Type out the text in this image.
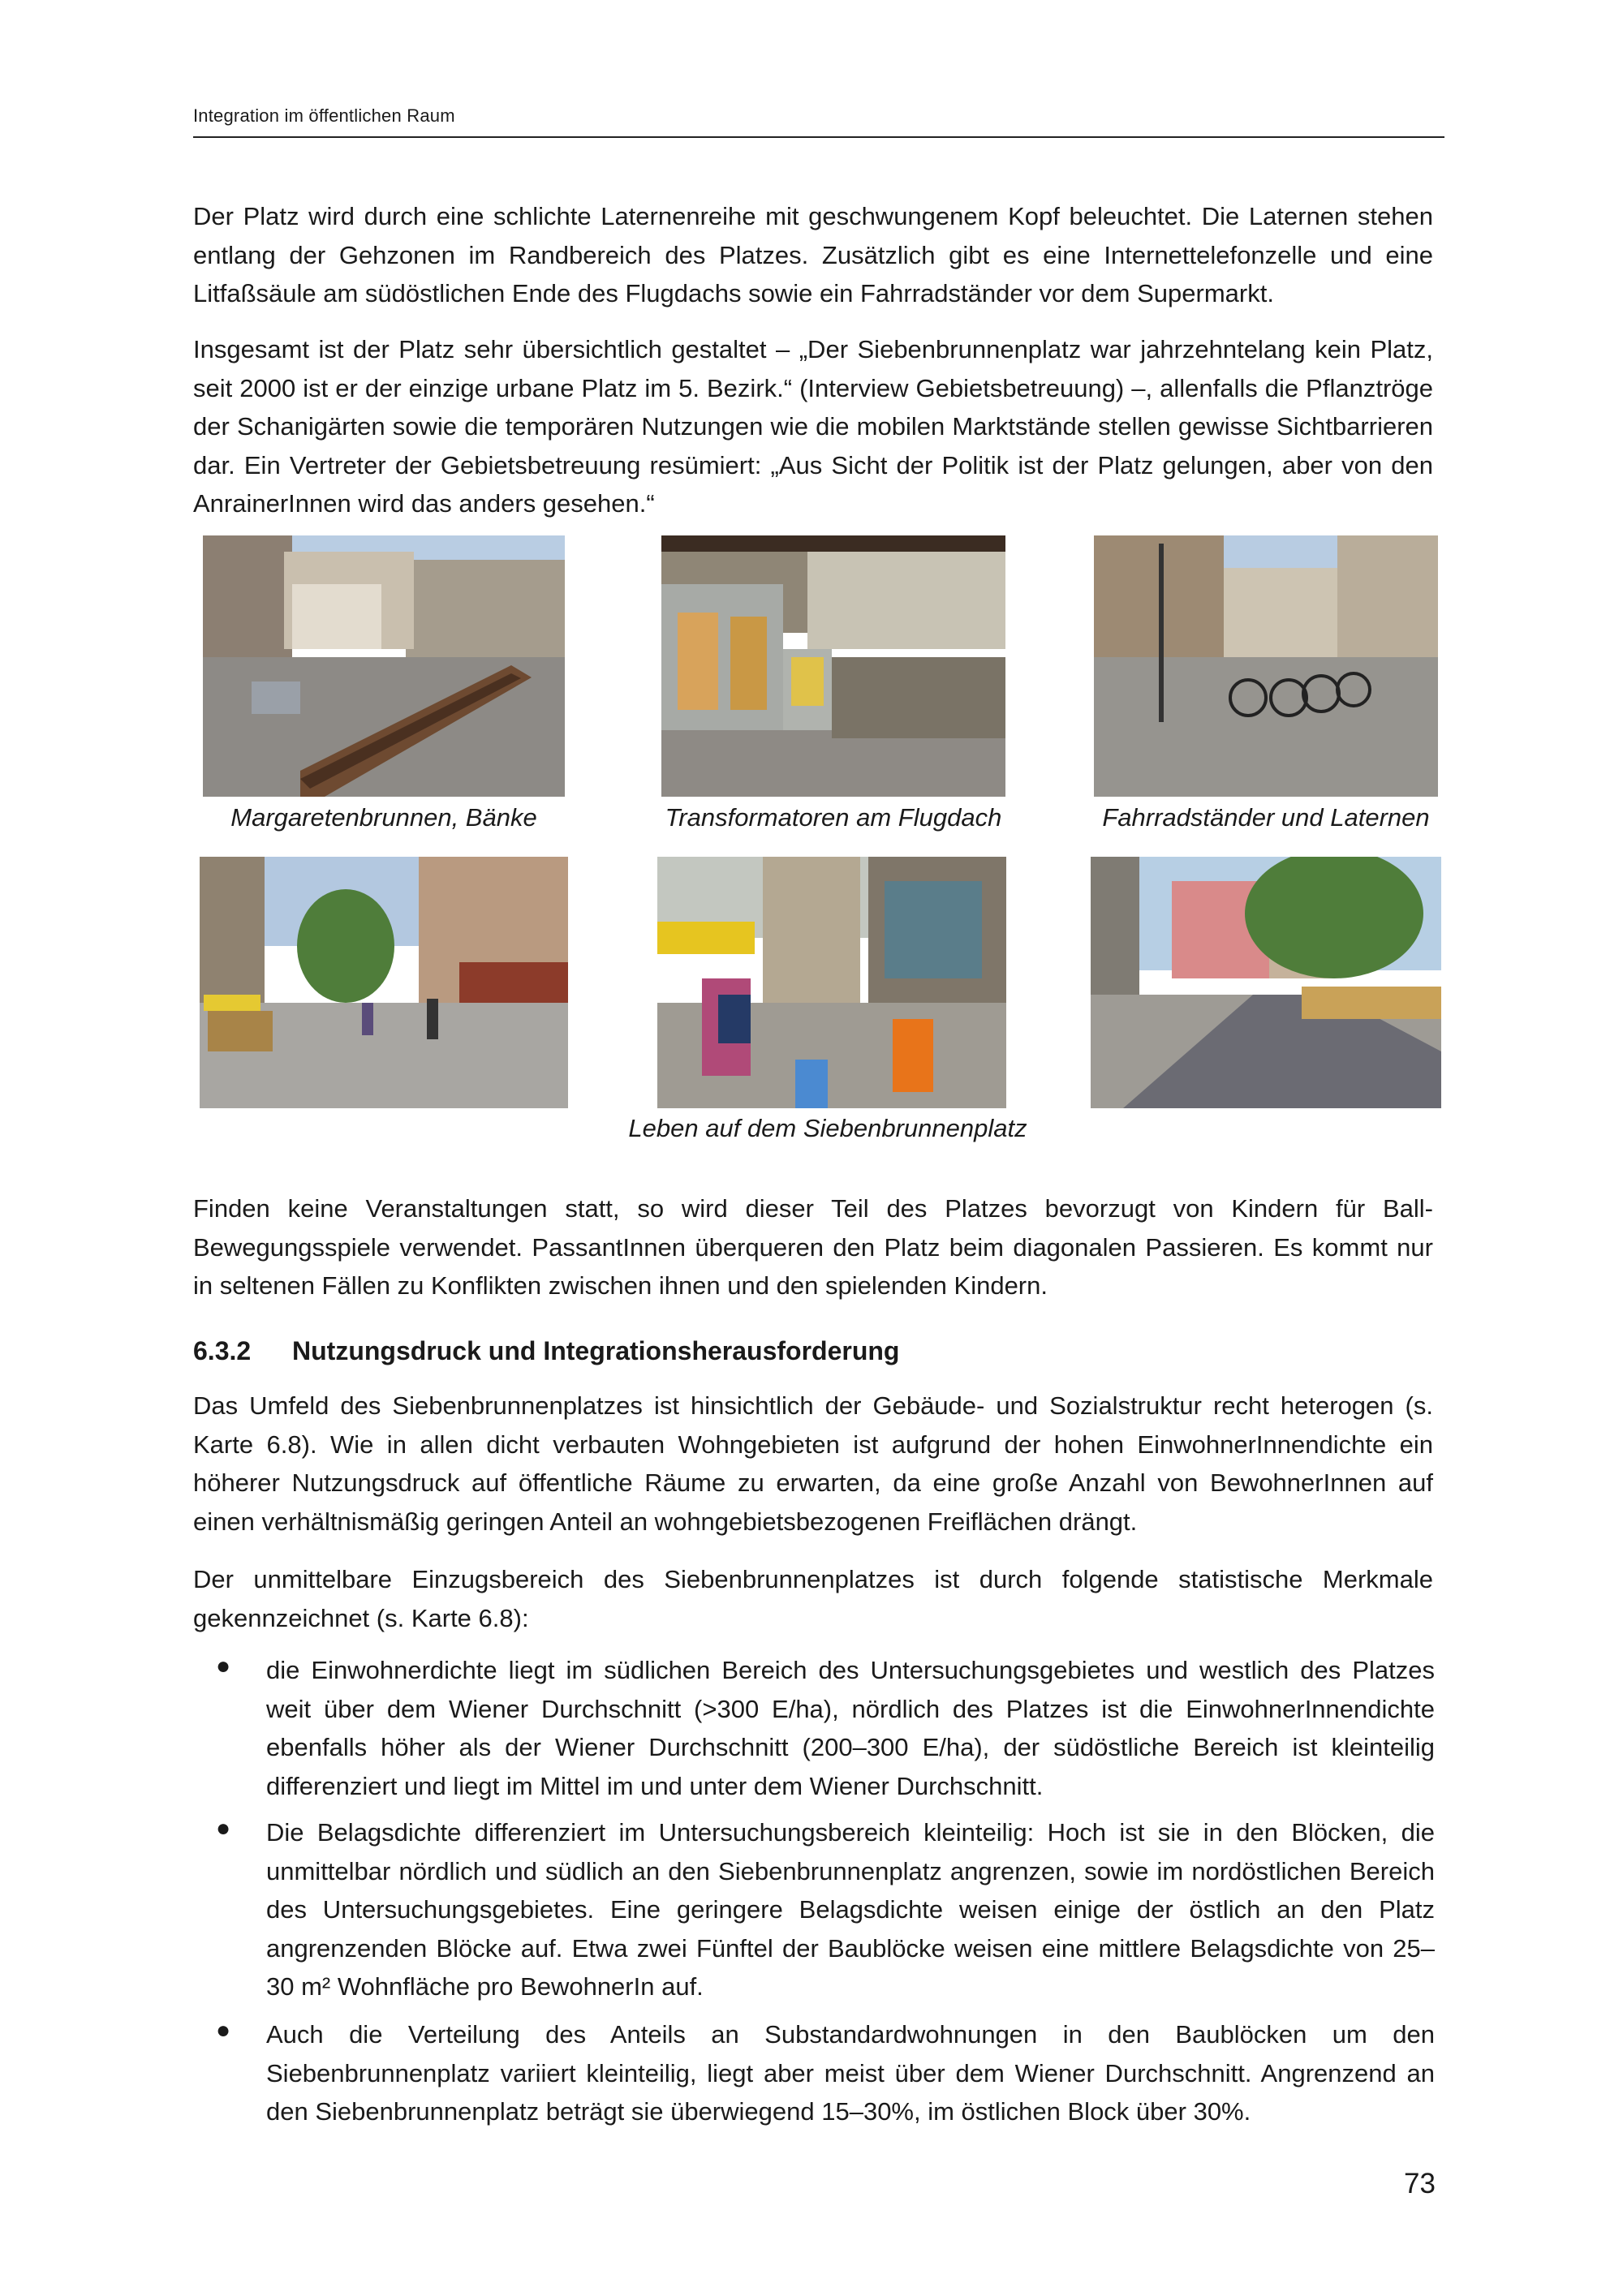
Integration im öffentlichen Raum

Der Platz wird durch eine schlichte Laternenreihe mit geschwungenem Kopf beleuchtet. Die Laternen stehen entlang der Gehzonen im Randbereich des Platzes. Zusätzlich gibt es eine Internettelefonzelle und eine Litfaßsäule am südöstlichen Ende des Flugdachs sowie ein Fahrradständer vor dem Supermarkt.

Insgesamt ist der Platz sehr übersichtlich gestaltet – „Der Siebenbrunnenplatz war jahrzehntelang kein Platz, seit 2000 ist er der einzige urbane Platz im 5. Bezirk.“ (Interview Gebietsbetreuung) –, allenfalls die Pflanztröge der Schanigärten sowie die temporären Nutzungen wie die mobilen Marktstände stellen gewisse Sichtbarrieren dar. Ein Vertreter der Gebietsbetreuung resümiert: „Aus Sicht der Politik ist der Platz gelungen, aber von den AnrainerInnen wird das anders gesehen.“

Margaretenbrunnen, Bänke	Transformatoren am Flugdach	Fahrradständer und Laternen
Leben auf dem Siebenbrunnenplatz

Finden keine Veranstaltungen statt, so wird dieser Teil des Platzes bevorzugt von Kindern für Ball-Bewegungsspiele verwendet. PassantInnen überqueren den Platz beim diagonalen Passieren. Es kommt nur in seltenen Fällen zu Konflikten zwischen ihnen und den spielenden Kindern.

6.3.2 Nutzungsdruck und Integrationsherausforderung

Das Umfeld des Siebenbrunnenplatzes ist hinsichtlich der Gebäude- und Sozialstruktur recht heterogen (s. Karte 6.8). Wie in allen dicht verbauten Wohngebieten ist aufgrund der hohen EinwohnerInnendichte ein höherer Nutzungsdruck auf öffentliche Räume zu erwarten, da eine große Anzahl von BewohnerInnen auf einen verhältnismäßig geringen Anteil an wohngebietsbezogenen Freiflächen drängt.

Der unmittelbare Einzugsbereich des Siebenbrunnenplatzes ist durch folgende statistische Merkmale gekennzeichnet (s. Karte 6.8):

● die Einwohnerdichte liegt im südlichen Bereich des Untersuchungsgebietes und westlich des Platzes weit über dem Wiener Durchschnitt (>300 E/ha), nördlich des Platzes ist die EinwohnerInnendichte ebenfalls höher als der Wiener Durchschnitt (200–300 E/ha), der südöstliche Bereich ist kleinteilig differenziert und liegt im Mittel im und unter dem Wiener Durchschnitt.

● Die Belagsdichte differenziert im Untersuchungsbereich kleinteilig: Hoch ist sie in den Blöcken, die unmittelbar nördlich und südlich an den Siebenbrunnenplatz angrenzen, sowie im nordöstlichen Bereich des Untersuchungsgebietes. Eine geringere Belagsdichte weisen einige der östlich an den Platz angrenzenden Blöcke auf. Etwa zwei Fünftel der Baublöcke weisen eine mittlere Belagsdichte von 25–30 m² Wohnfläche pro BewohnerIn auf.

● Auch die Verteilung des Anteils an Substandardwohnungen in den Baublöcken um den Siebenbrunnenplatz variiert kleinteilig, liegt aber meist über dem Wiener Durchschnitt. Angrenzend an den Siebenbrunnenplatz beträgt sie überwiegend 15–30%, im östlichen Block über 30%.

73
